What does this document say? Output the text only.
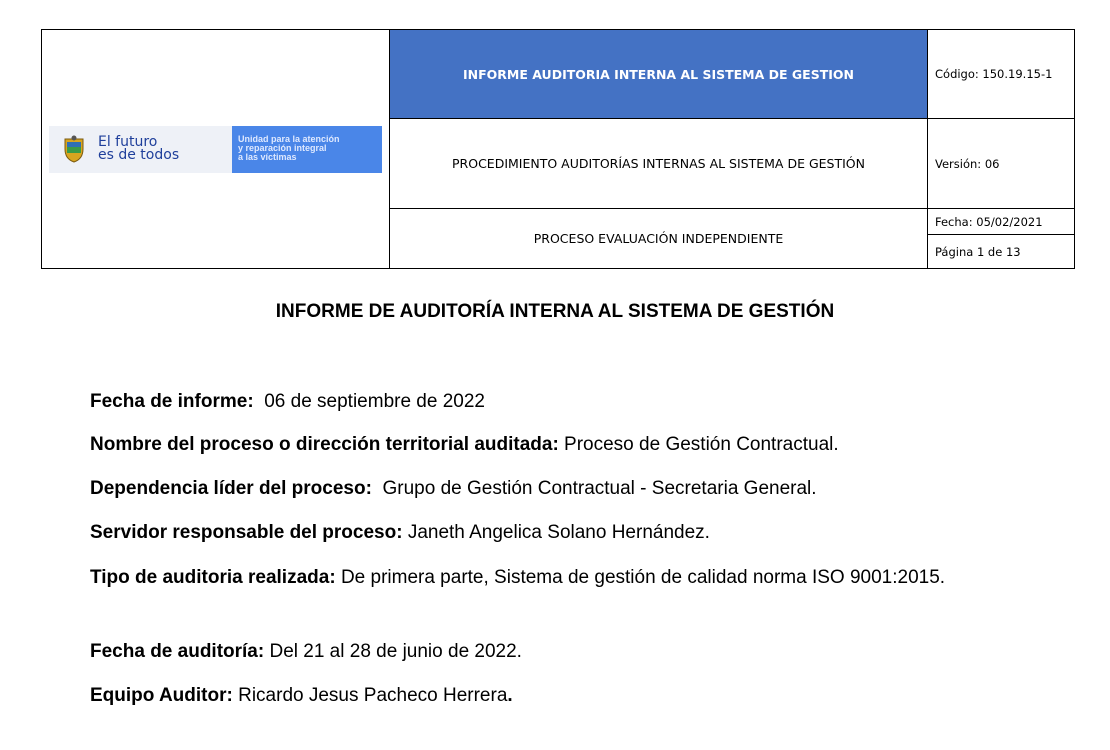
El futuro
es de todos
Unidad para la atención
y reparación integral
a las víctimas
INFORME AUDITORIA INTERNA AL SISTEMA DE GESTION
PROCEDIMIENTO AUDITORÍAS INTERNAS AL SISTEMA DE GESTIÓN
PROCESO EVALUACIÓN INDEPENDIENTE
Código: 150.19.15-1
Versión: 06
Fecha: 05/02/2021
Página 1 de 13
INFORME DE AUDITORÍA INTERNA AL SISTEMA DE GESTIÓN
Fecha de informe: 06 de septiembre de 2022
Nombre del proceso o dirección territorial auditada: Proceso de Gestión Contractual.
Dependencia líder del proceso: Grupo de Gestión Contractual - Secretaria General.
Servidor responsable del proceso: Janeth Angelica Solano Hernández.
Tipo de auditoria realizada: De primera parte, Sistema de gestión de calidad norma ISO 9001:2015.
Fecha de auditoría: Del 21 al 28 de junio de 2022.
Equipo Auditor: Ricardo Jesus Pacheco Herrera.
